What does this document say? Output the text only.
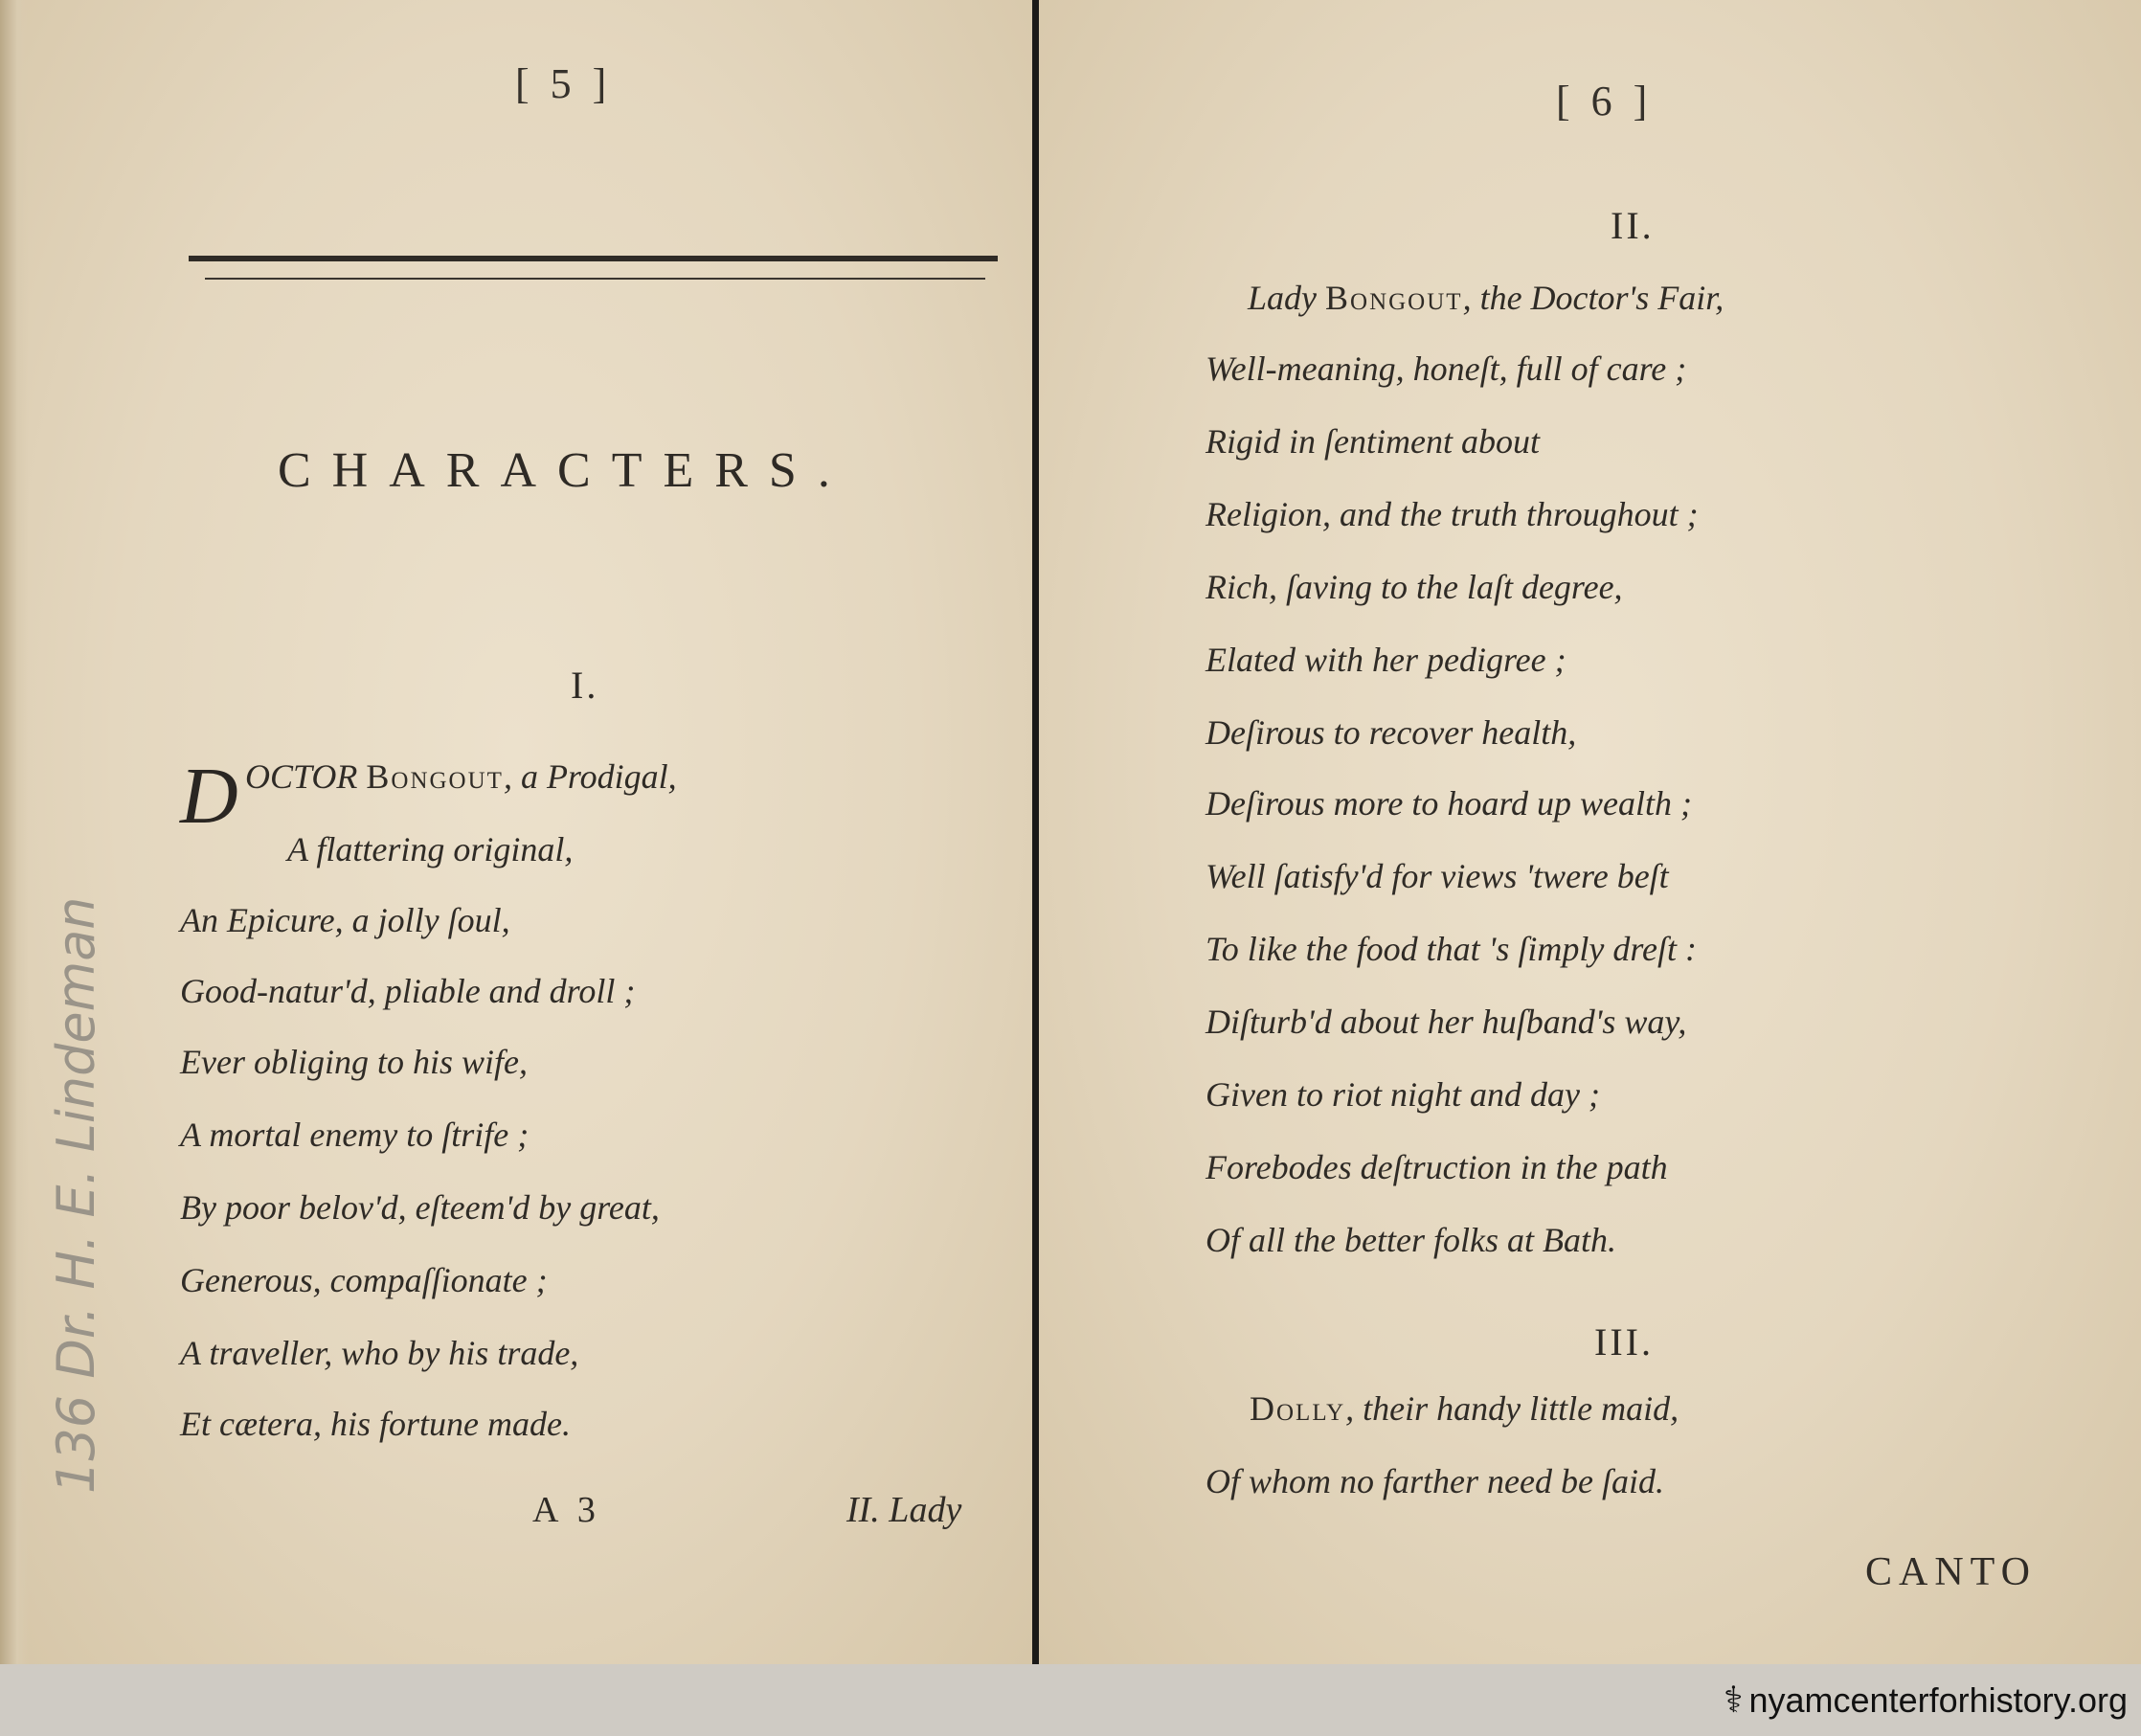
[5]
CHARACTERS.
I.
D OCTOR Bongout, a Prodigal,
A flattering original,
An Epicure, a jolly ſoul,
Good-natur'd, pliable and droll ;
Ever obliging to his wife,
A mortal enemy to ſtrife ;
By poor belov'd, eſteem'd by great,
Generous, compaſſionate ;
A traveller, who by his trade,
Et cætera, his fortune made.
A 3	II. Lady
136 Dr. H. E. Lindeman
[6]
II.
Lady Bongout, the Doctor's Fair,
Well-meaning, honeſt, full of care ;
Rigid in ſentiment about
Religion, and the truth throughout ;
Rich, ſaving to the laſt degree,
Elated with her pedigree ;
Deſirous to recover health,
Deſirous more to hoard up wealth ;
Well ſatisfy'd for views 'twere beſt
To like the food that 's ſimply dreſt :
Diſturb'd about her huſband's way,
Given to riot night and day ;
Forebodes deſtruction in the path
Of all the better folks at Bath.
Dolly, their handy little maid,
Of whom no farther need be ſaid.
III.
CANTO
⚕ nyamcenterforhistory.org
